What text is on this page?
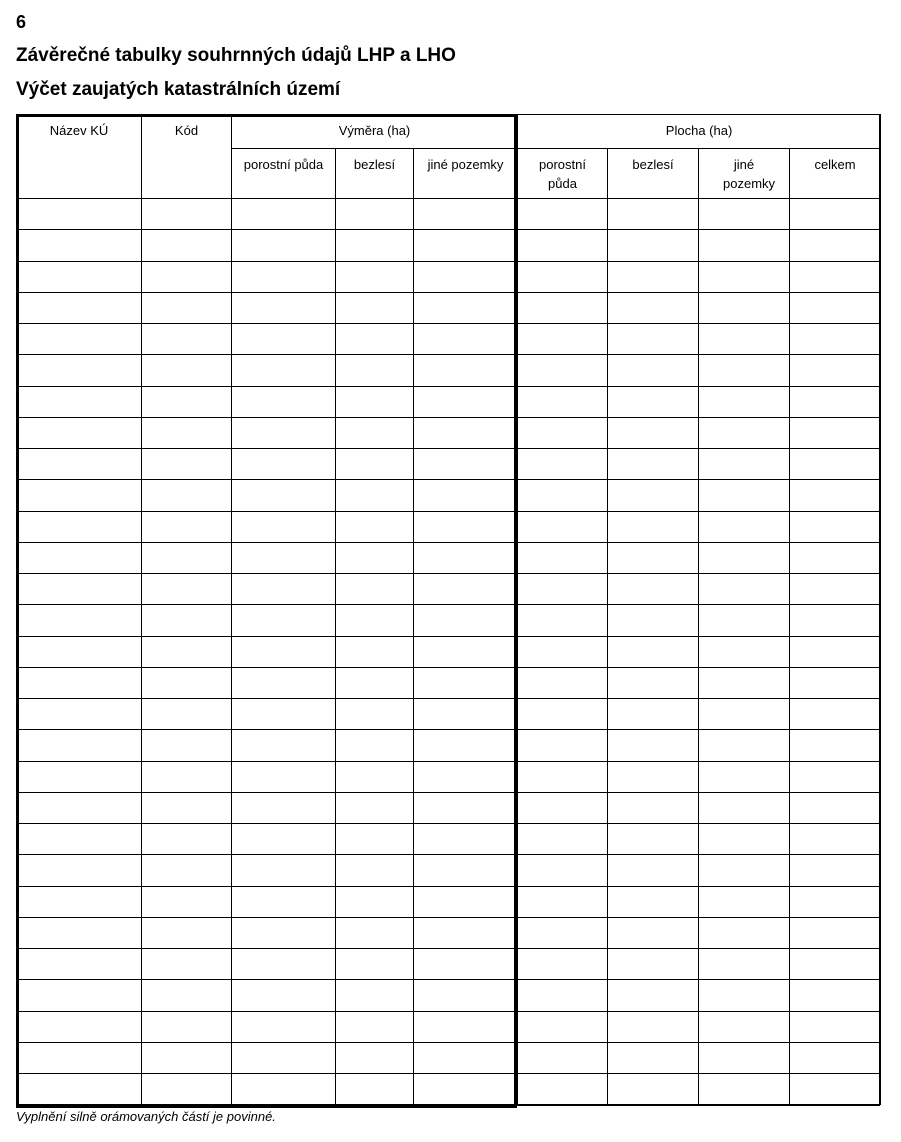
6
Závěrečné tabulky souhrnných údajů LHP a LHO
Výčet zaujatých katastrálních území
Název KÚ	Kód	Výměra (ha)			Plocha (ha)			
		porostní půda	bezlesí	jiné pozemky	porostní půda	bezlesí	jiné pozemky	celkem

Vyplnění silně orámovaných částí je povinné.
